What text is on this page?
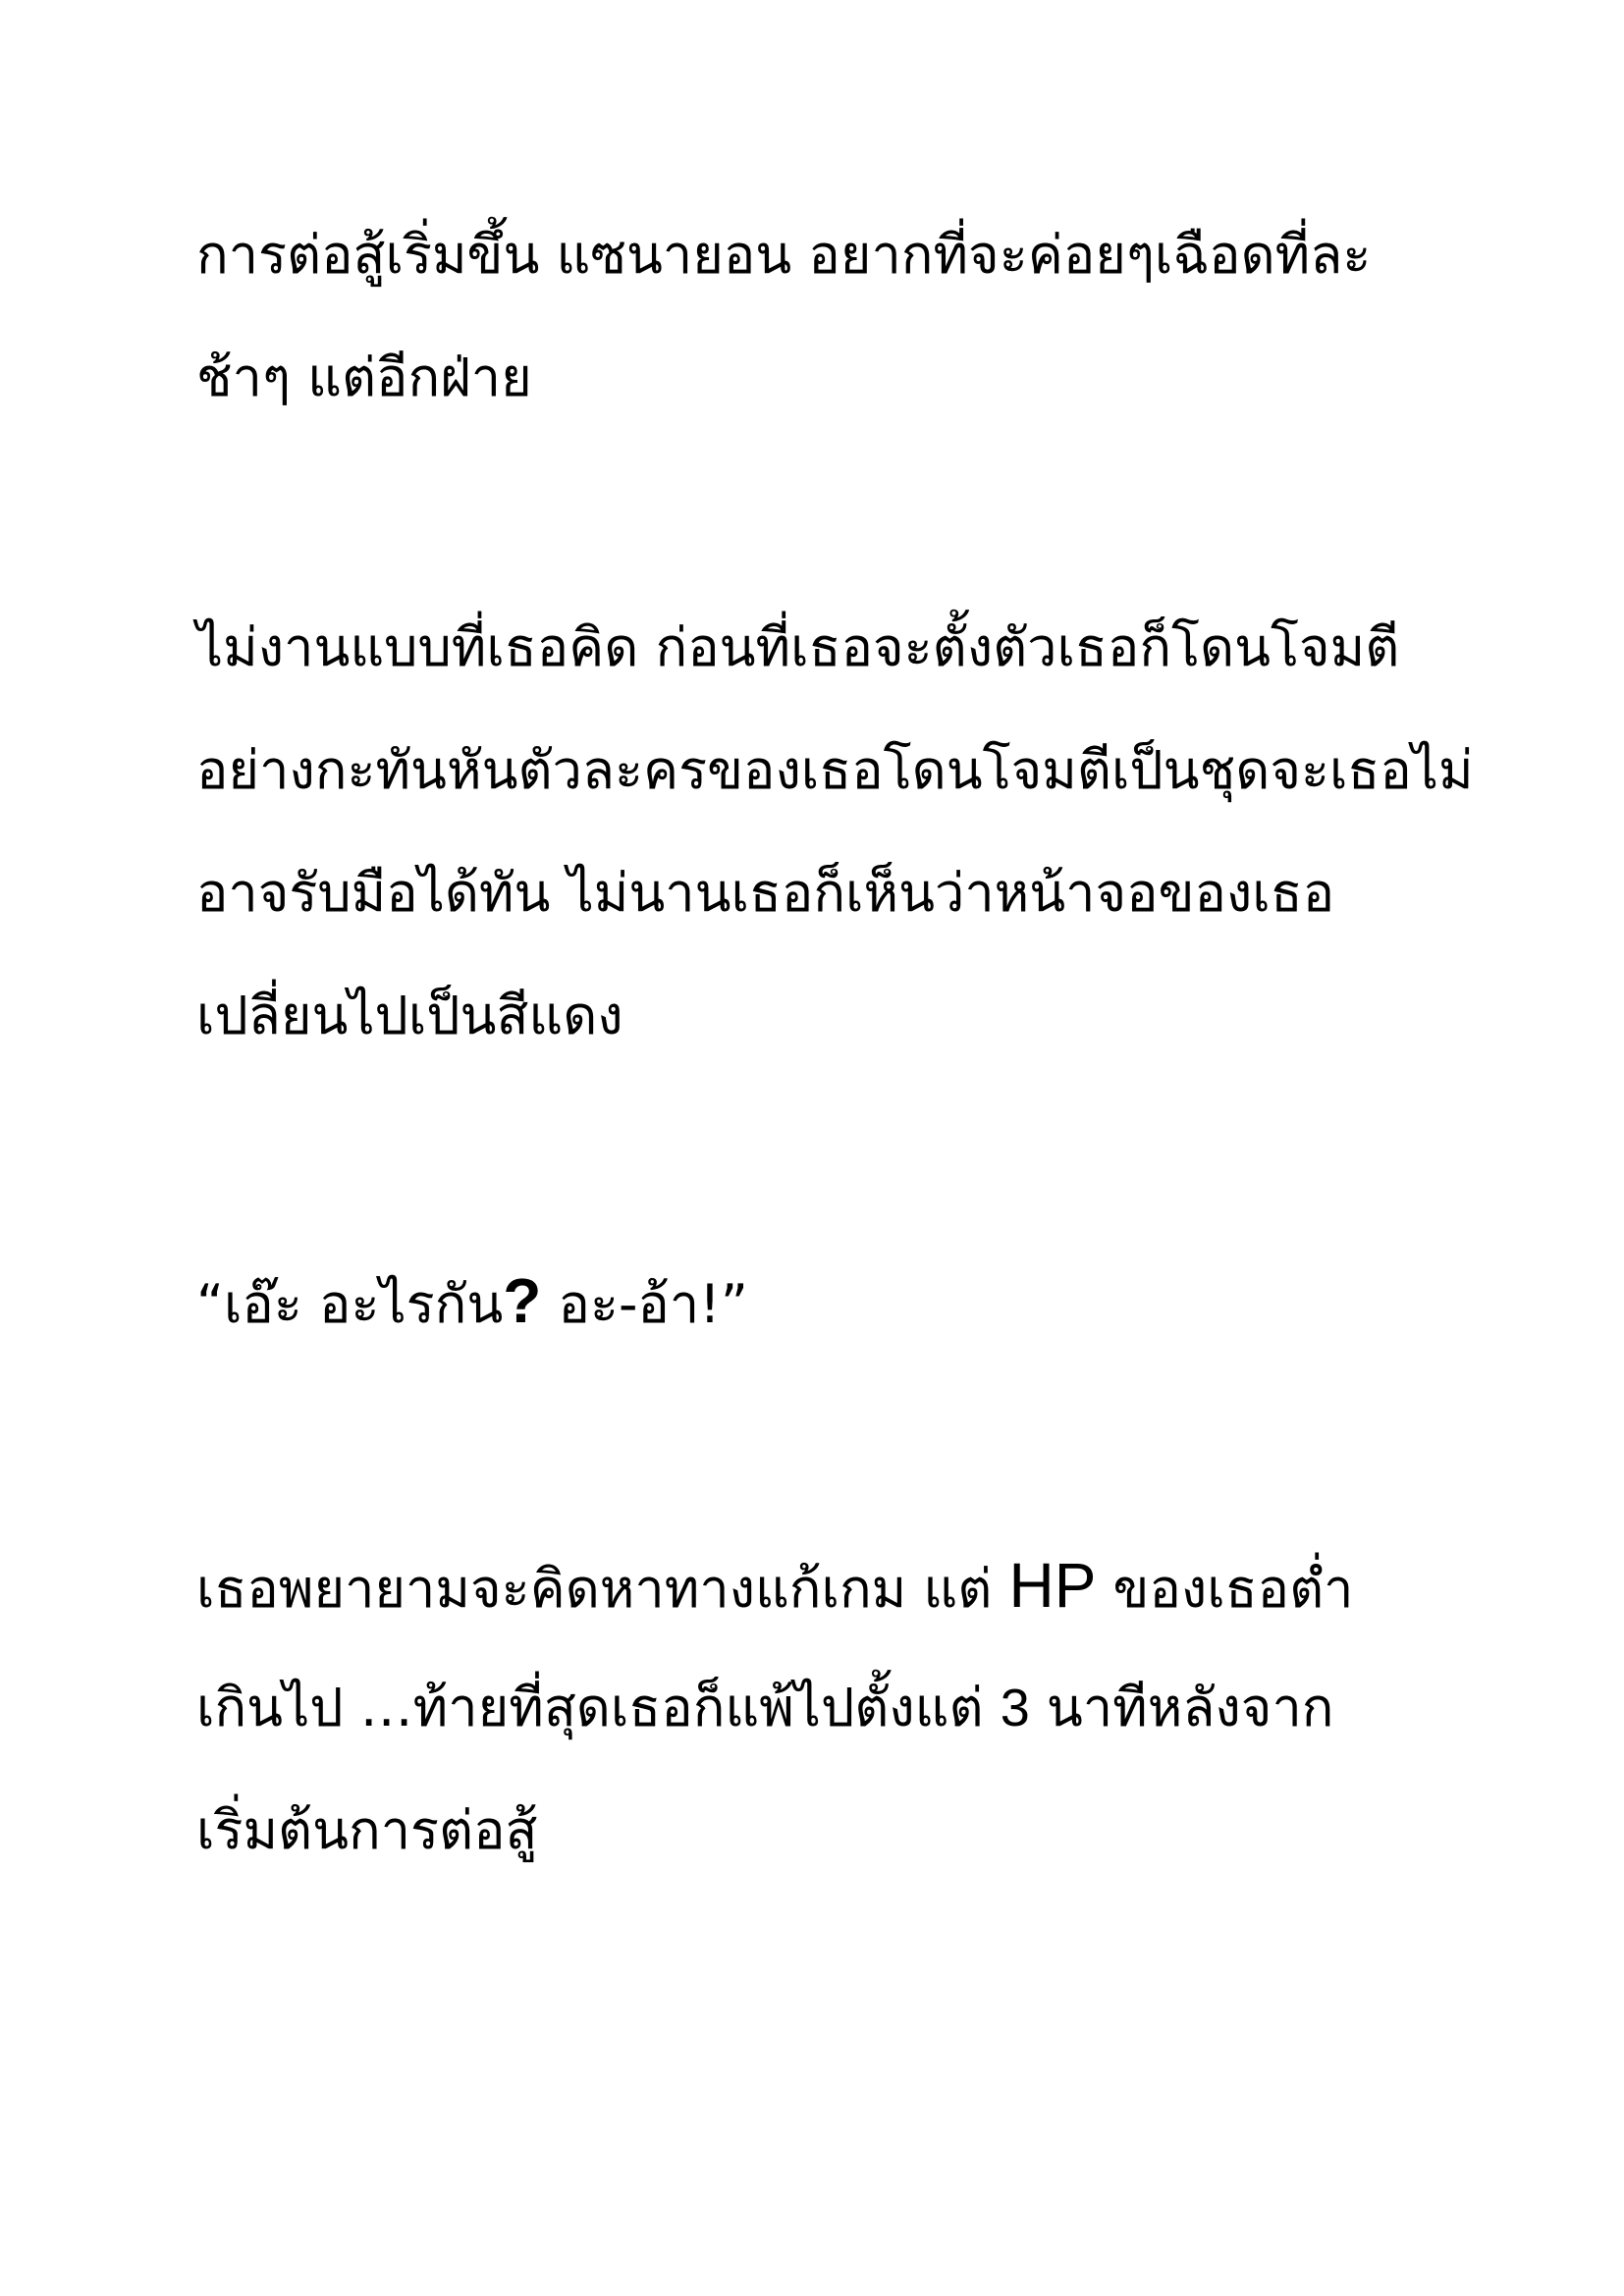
การต่อสู้เริ่มขึ้น แซนายอน อยากที่จะค่อยๆเฉือดที่ละ
ช้าๆ แต่อีกฝ่าย
ไม่งานแบบที่เธอคิด ก่อนที่เธอจะตั้งตัวเธอก็โดนโจมตี
อย่างกะทันหันตัวละครของเธอโดนโจมตีเป็นชุดจะเธอไม่
อาจรับมือได้ทัน ไม่นานเธอก็เห็นว่าหน้าจอของเธอ
เปลี่ยนไปเป็นสีแดง
“เอ๊ะ อะไรกัน? อะ-อ้า!”
เธอพยายามจะคิดหาทางแก้เกม แต่ HP ของเธอต่ำ
เกินไป …ท้ายที่สุดเธอก็แพ้ไปตั้งแต่ 3 นาทีหลังจาก
เริ่มต้นการต่อสู้
